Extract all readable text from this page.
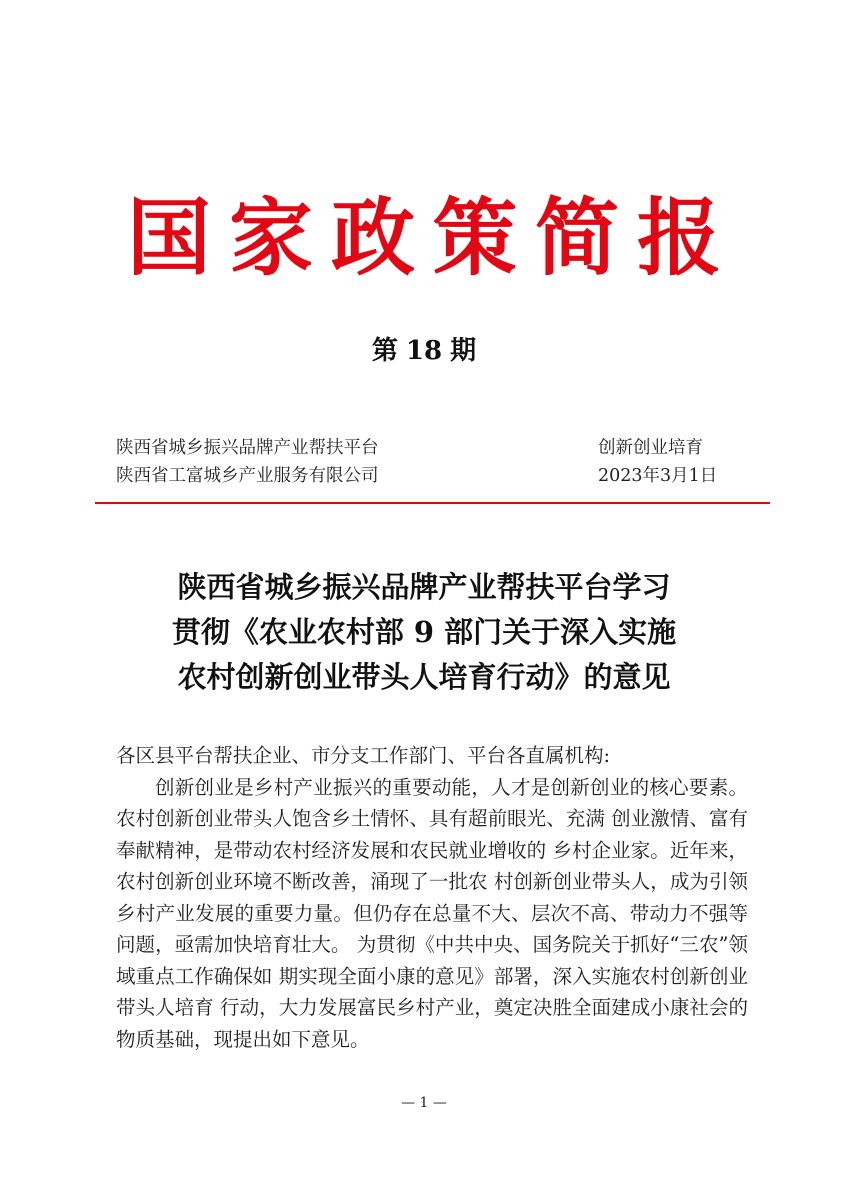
国家政策简报
第 18 期
陕西省城乡振兴品牌产业帮扶平台
陕西省工富城乡产业服务有限公司
创新创业培育
2023年3月1日
陕西省城乡振兴品牌产业帮扶平台学习
贯彻《农业农村部 9 部门关于深入实施
农村创新创业带头人培育行动》的意见

各区县平台帮扶企业、市分支工作部门、平台各直属机构:

创新创业是乡村产业振兴的重要动能，人才是创新创业的核心要素。农村创新创业带头人饱含乡土情怀、具有超前眼光、充满 创业激情、富有奉献精神，是带动农村经济发展和农民就业增收的 乡村企业家。近年来，农村创新创业环境不断改善，涌现了一批农 村创新创业带头人，成为引领乡村产业发展的重要力量。但仍存在总量不大、层次不高、带动力不强等问题，亟需加快培育壮大。 为贯彻《中共中央、国务院关于抓好“三农”领域重点工作确保如 期实现全面小康的意见》部署，深入实施农村创新创业带头人培育 行动，大力发展富民乡村产业，奠定决胜全面建成小康社会的物质基础，现提出如下意见。

— 1 —
